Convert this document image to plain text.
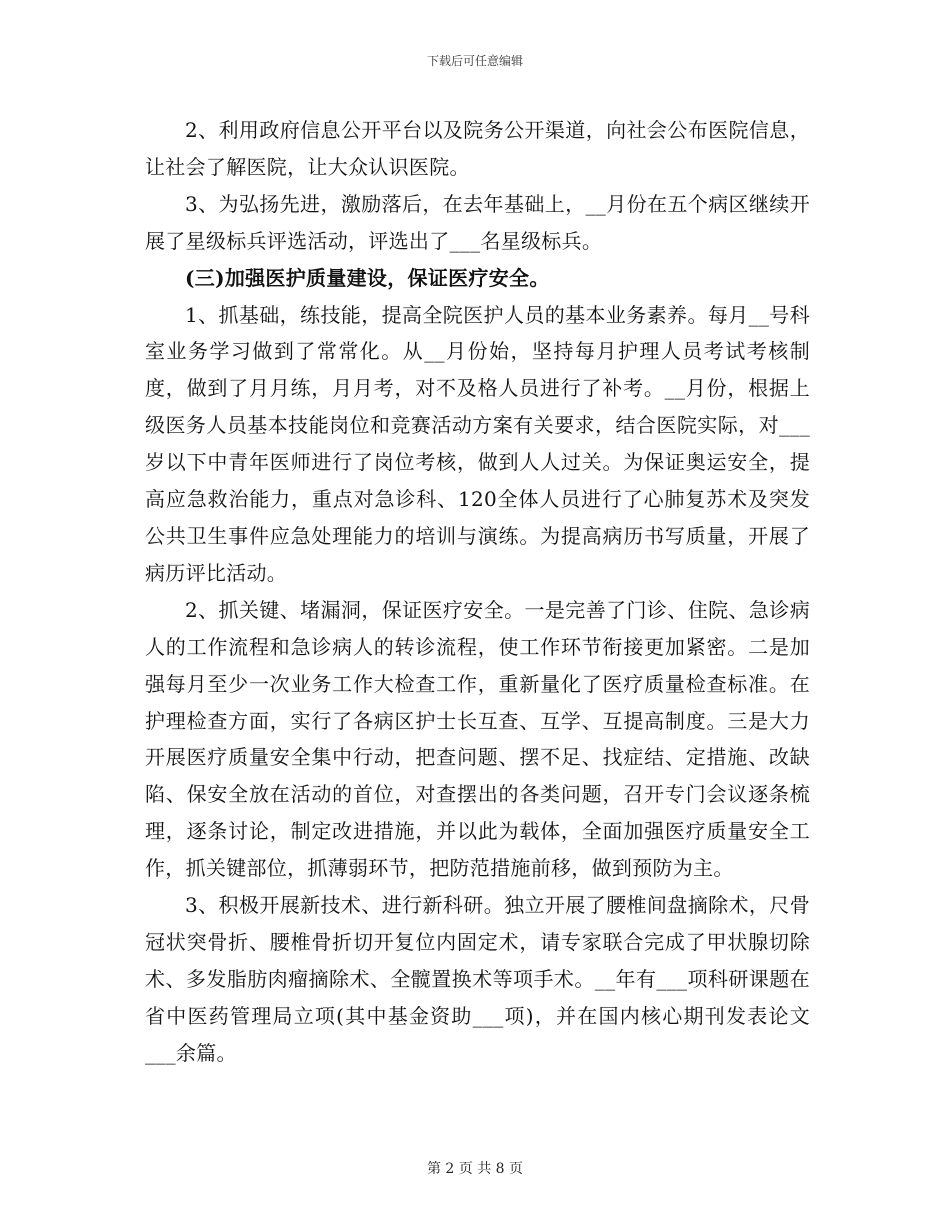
下载后可任意编辑

2、利用政府信息公开平台以及院务公开渠道，向社会公布医院信息，让社会了解医院，让大众认识医院。

3、为弘扬先进，激励落后，在去年基础上，__月份在五个病区继续开展了星级标兵评选活动，评选出了___名星级标兵。

(三)加强医护质量建设，保证医疗安全。

1、抓基础，练技能，提高全院医护人员的基本业务素养。每月__号科室业务学习做到了常常化。从__月份始，坚持每月护理人员考试考核制度，做到了月月练，月月考，对不及格人员进行了补考。__月份，根据上级医务人员基本技能岗位和竞赛活动方案有关要求，结合医院实际，对___岁以下中青年医师进行了岗位考核，做到人人过关。为保证奥运安全，提高应急救治能力，重点对急诊科、120全体人员进行了心肺复苏术及突发公共卫生事件应急处理能力的培训与演练。为提高病历书写质量，开展了病历评比活动。

2、抓关键、堵漏洞，保证医疗安全。一是完善了门诊、住院、急诊病人的工作流程和急诊病人的转诊流程，使工作环节衔接更加紧密。二是加强每月至少一次业务工作大检查工作，重新量化了医疗质量检查标准。在护理检查方面，实行了各病区护士长互查、互学、互提高制度。三是大力开展医疗质量安全集中行动，把查问题、摆不足、找症结、定措施、改缺陷、保安全放在活动的首位，对查摆出的各类问题，召开专门会议逐条梳理，逐条讨论，制定改进措施，并以此为载体，全面加强医疗质量安全工作，抓关键部位，抓薄弱环节，把防范措施前移，做到预防为主。

3、积极开展新技术、进行新科研。独立开展了腰椎间盘摘除术，尺骨冠状突骨折、腰椎骨折切开复位内固定术，请专家联合完成了甲状腺切除术、多发脂肪肉瘤摘除术、全髋置换术等项手术。__年有___项科研课题在省中医药管理局立项(其中基金资助___项)，并在国内核心期刊发表论文___余篇。

第 2 页 共 8 页
